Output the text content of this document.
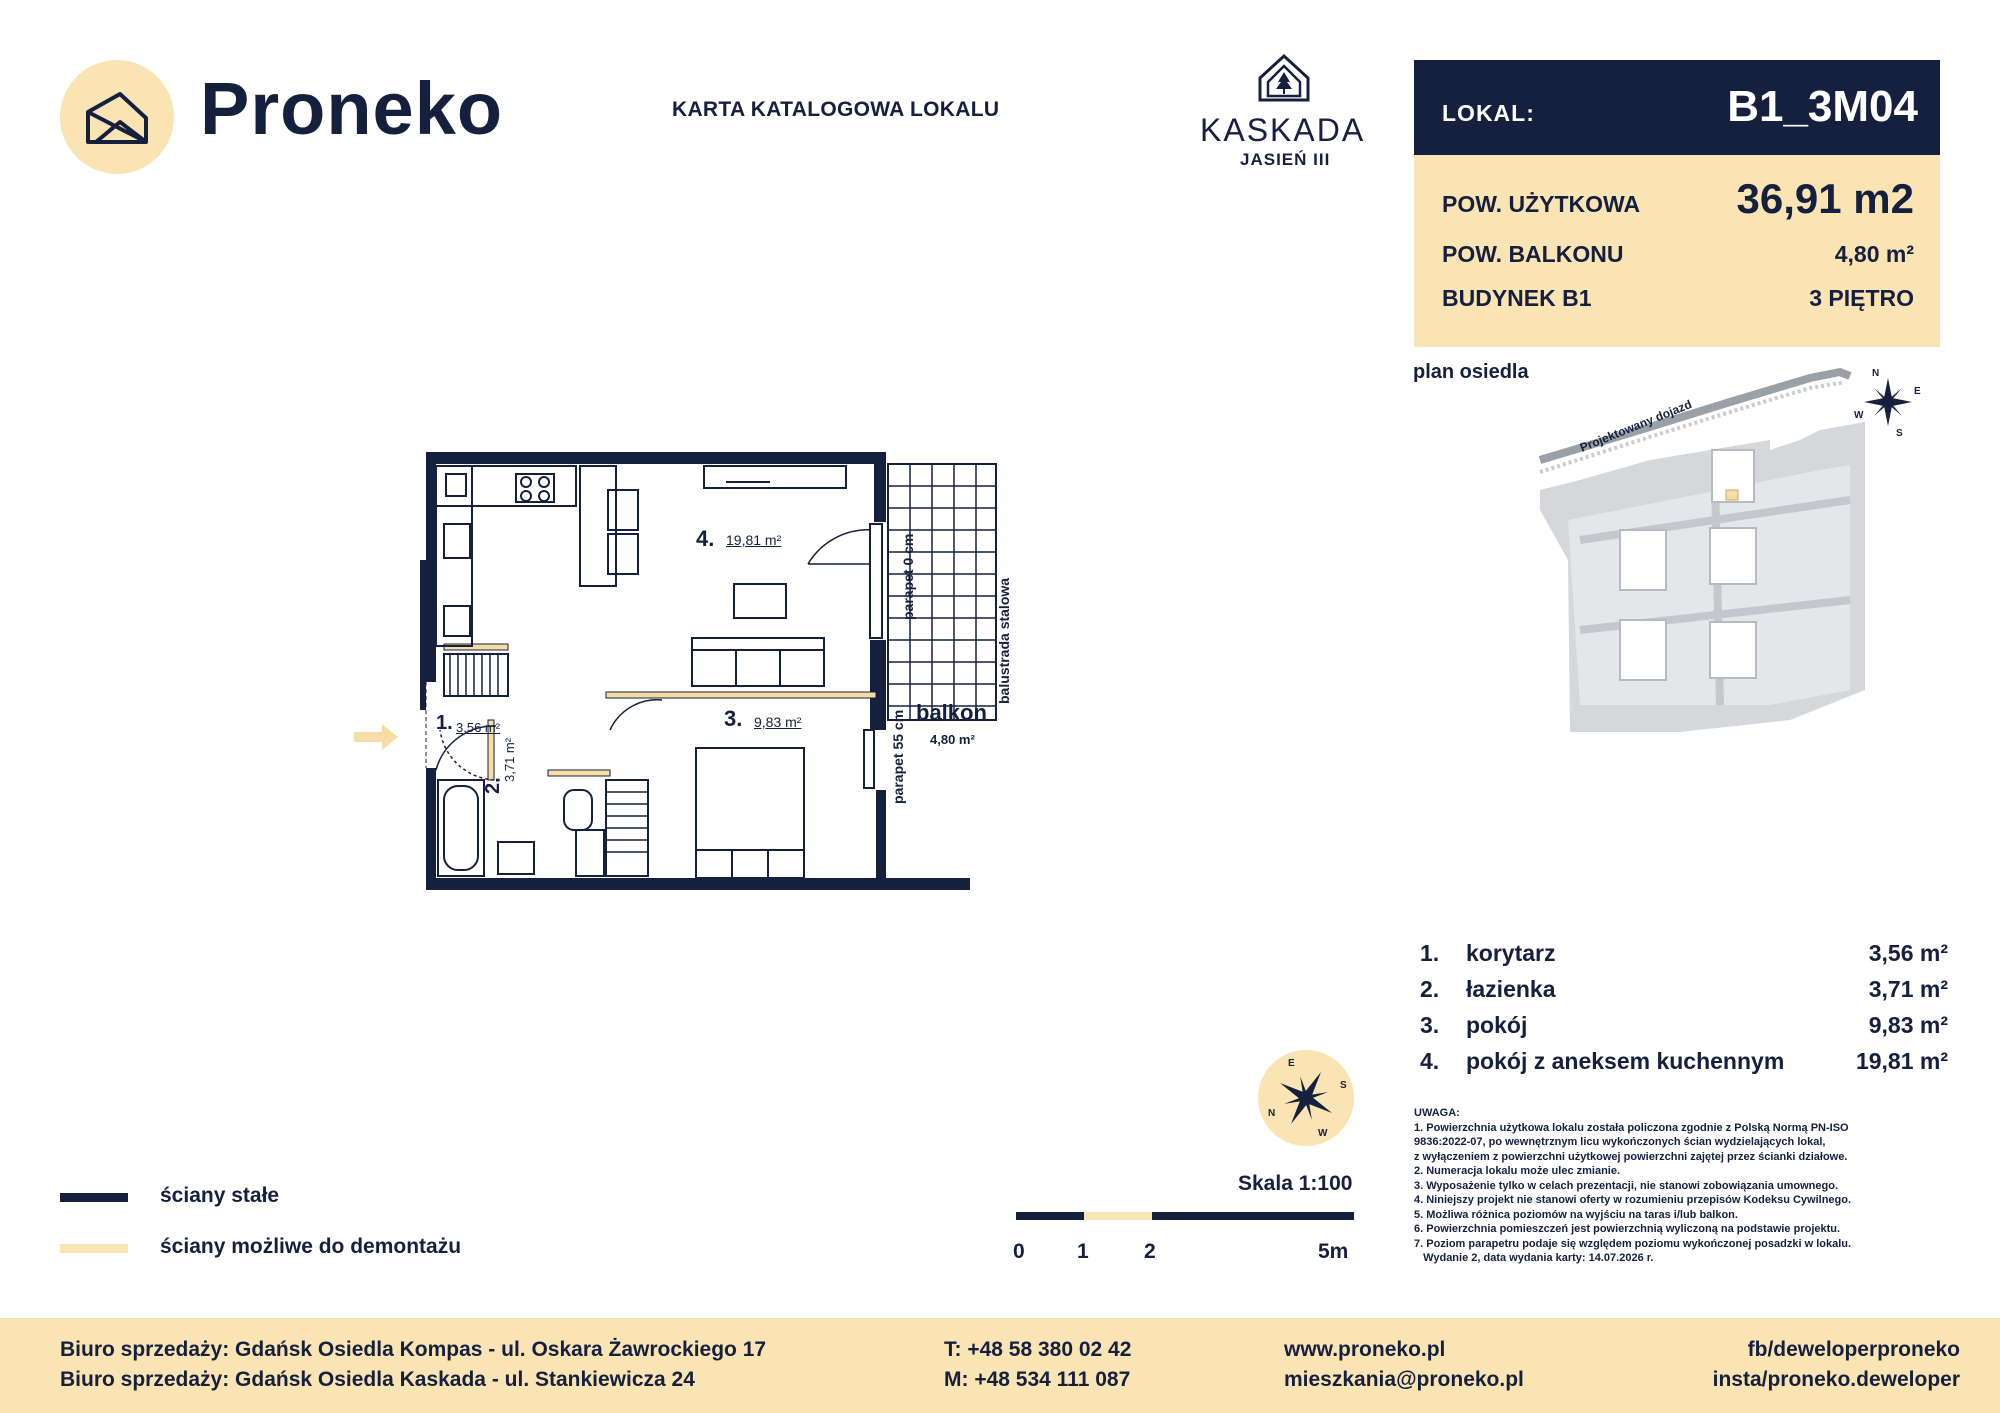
Proneko	KARTA KATALOGOWA LOKALU
KASKADA
JASIEŃ III
LOKAL:	B1_3M04
POW. UŻYTKOWA 36,91 m2
POW. BALKONU	4,80 m²
BUDYNEK B1	3 PIĘTRO
plan osiedla
Projektowany dojazd
N
E
W
S
4. 19,81 m²
3. 9,83 m²
1. 3,56 m²
2.
3,71 m²
balkon
4,80 m²
parapet 0 cm
parapet 55 cm
balustrada stalowa
1. korytarz	3,56 m²
2. łazienka	3,71 m²
3. pokój	9,83 m²
4. pokój z aneksem kuchennym	19,81 m²
E
S
N
W
UWAGA:
1. Powierzchnia użytkowa lokalu została policzona zgodnie z Polską Normą PN-ISO
9836:2022-07, po wewnętrznym licu wykończonych ścian wydzielających lokal,
z wyłączeniem z powierzchni użytkowej powierzchni zajętej przez ścianki działowe.
2. Numeracja lokalu może ulec zmianie.
3. Wyposażenie tylko w celach prezentacji, nie stanowi zobowiązania umownego.
4. Niniejszy projekt nie stanowi oferty w rozumieniu przepisów Kodeksu Cywilnego.
5. Możliwa różnica poziomów na wyjściu na taras i/lub balkon.
6. Powierzchnia pomieszczeń jest powierzchnią wyliczoną na podstawie projektu.
7. Poziom parapetru podaje się względem poziomu wykończonej posadzki w lokalu.
Wydanie 2, data wydania karty: 14.07.2026 r.
ściany stałe
ściany możliwe do demontażu
Skala 1:100
0 1	2	5m
Biuro sprzedaży: Gdańsk Osiedla Kompas - ul. Oskara Żawrockiego 17
Biuro sprzedaży: Gdańsk Osiedla Kaskada - ul. Stankiewicza 24
T: +48 58 380 02 42
M: +48 534 111 087
www.proneko.pl
mieszkania@proneko.pl
fb/deweloperproneko
insta/proneko.deweloper
